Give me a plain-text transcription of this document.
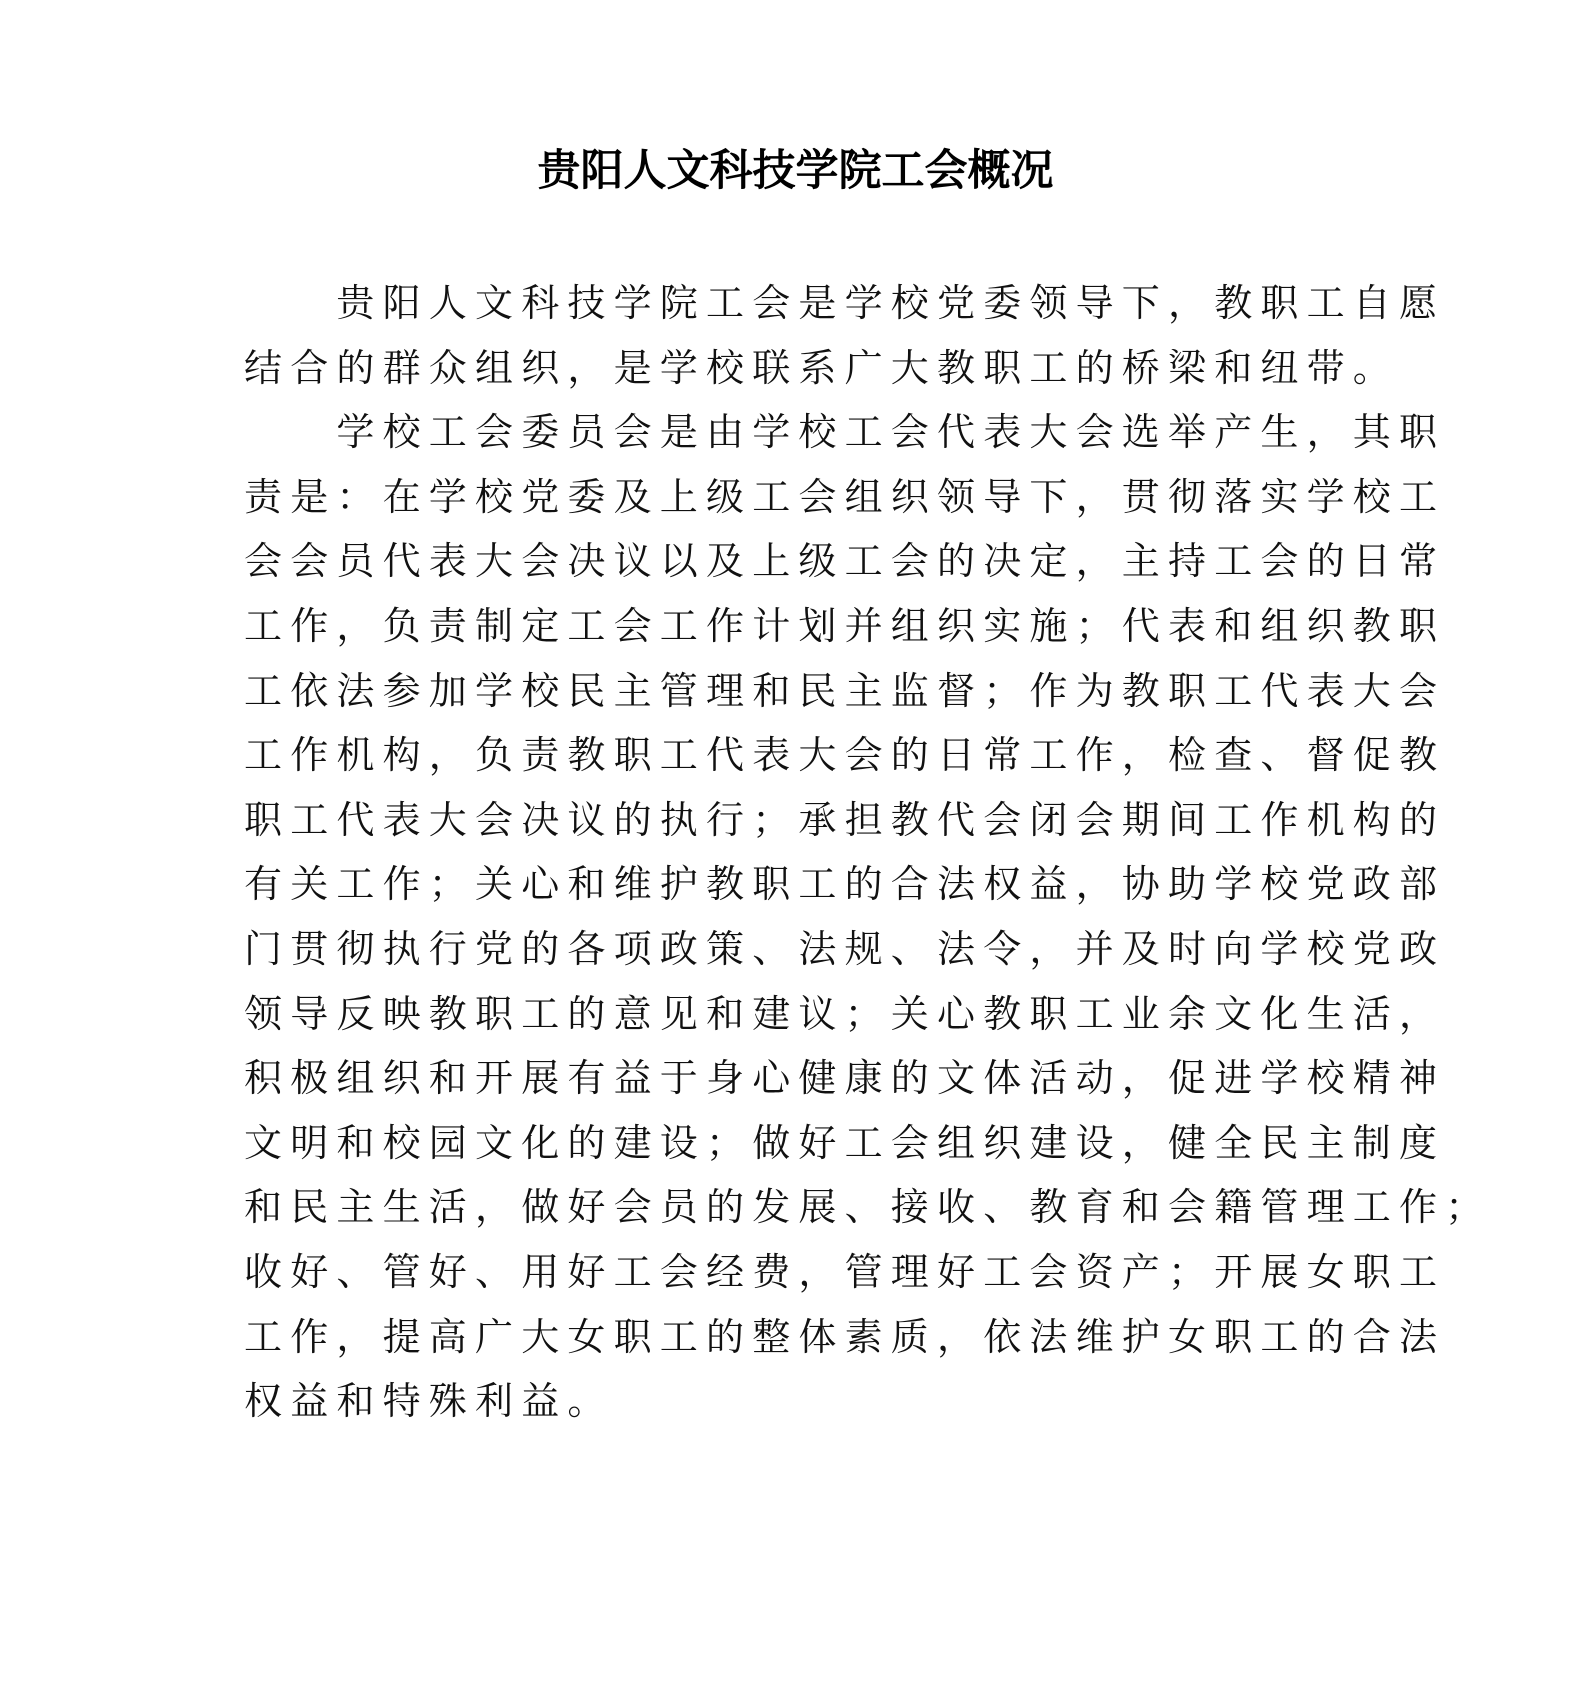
贵阳人文科技学院工会概况
　　贵阳人文科技学院工会是学校党委领导下，教职工自愿
结合的群众组织，是学校联系广大教职工的桥梁和纽带。
　　学校工会委员会是由学校工会代表大会选举产生，其职
责是：在学校党委及上级工会组织领导下，贯彻落实学校工
会会员代表大会决议以及上级工会的决定，主持工会的日常
工作，负责制定工会工作计划并组织实施；代表和组织教职
工依法参加学校民主管理和民主监督；作为教职工代表大会
工作机构，负责教职工代表大会的日常工作，检查、督促教
职工代表大会决议的执行；承担教代会闭会期间工作机构的
有关工作；关心和维护教职工的合法权益，协助学校党政部
门贯彻执行党的各项政策、法规、法令，并及时向学校党政
领导反映教职工的意见和建议；关心教职工业余文化生活，
积极组织和开展有益于身心健康的文体活动，促进学校精神
文明和校园文化的建设；做好工会组织建设，健全民主制度
和民主生活，做好会员的发展、接收、教育和会籍管理工作；
收好、管好、用好工会经费，管理好工会资产；开展女职工
工作，提高广大女职工的整体素质，依法维护女职工的合法
权益和特殊利益。
